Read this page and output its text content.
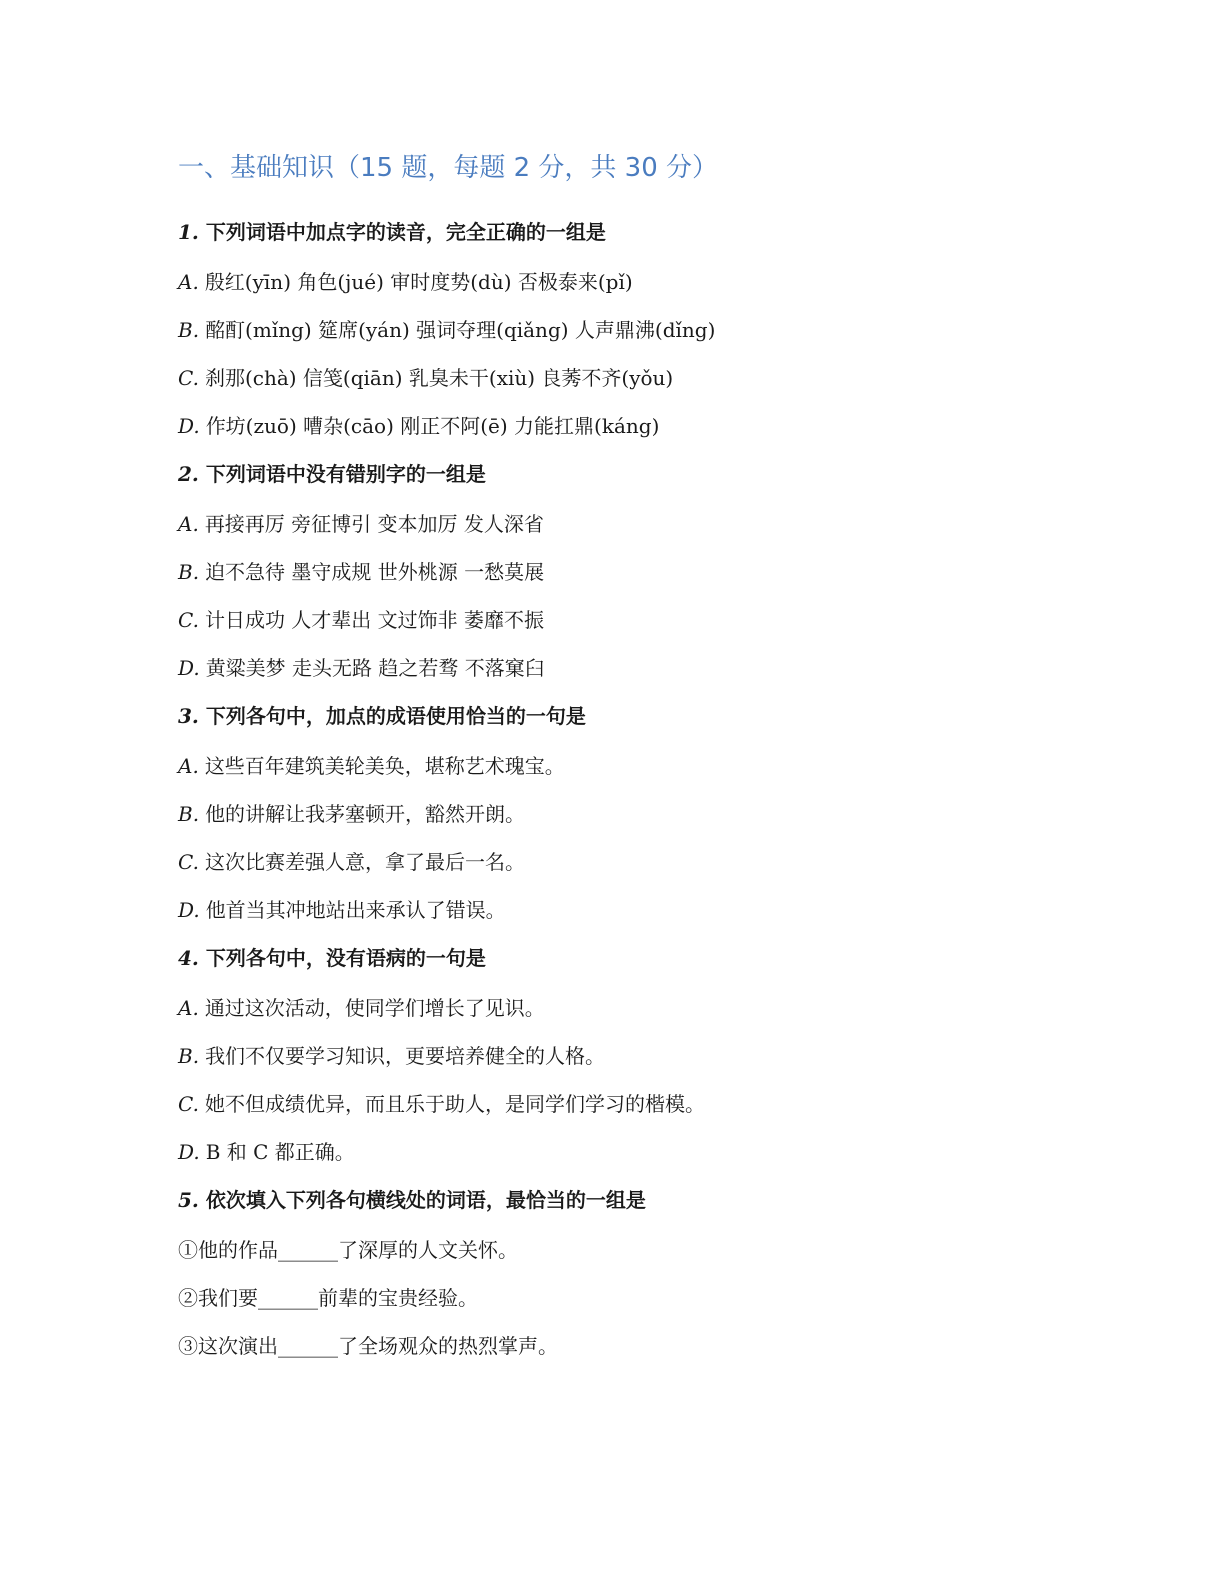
一、基础知识（15 题，每题 2 分，共 30 分）
1. 下列词语中加点字的读音，完全正确的一组是
A. 殷红(yīn) 角色(jué) 审时度势(dù) 否极泰来(pǐ)
B. 酩酊(mǐng) 筵席(yán) 强词夺理(qiǎng) 人声鼎沸(dǐng)
C. 刹那(chà) 信笺(qiān) 乳臭未干(xiù) 良莠不齐(yǒu)
D. 作坊(zuō) 嘈杂(cāo) 刚正不阿(ē) 力能扛鼎(káng)
2. 下列词语中没有错别字的一组是
A. 再接再厉 旁征博引 变本加厉 发人深省
B. 迫不急待 墨守成规 世外桃源 一愁莫展
C. 计日成功 人才辈出 文过饰非 萎靡不振
D. 黄粱美梦 走头无路 趋之若骛 不落窠臼
3. 下列各句中，加点的成语使用恰当的一句是
A. 这些百年建筑美轮美奂，堪称艺术瑰宝。
B. 他的讲解让我茅塞顿开，豁然开朗。
C. 这次比赛差强人意，拿了最后一名。
D. 他首当其冲地站出来承认了错误。
4. 下列各句中，没有语病的一句是
A. 通过这次活动，使同学们增长了见识。
B. 我们不仅要学习知识，更要培养健全的人格。
C. 她不但成绩优异，而且乐于助人，是同学们学习的楷模。
D. B 和 C 都正确。
5. 依次填入下列各句横线处的词语，最恰当的一组是
①他的作品______了深厚的人文关怀。
②我们要______前辈的宝贵经验。
③这次演出______了全场观众的热烈掌声。
